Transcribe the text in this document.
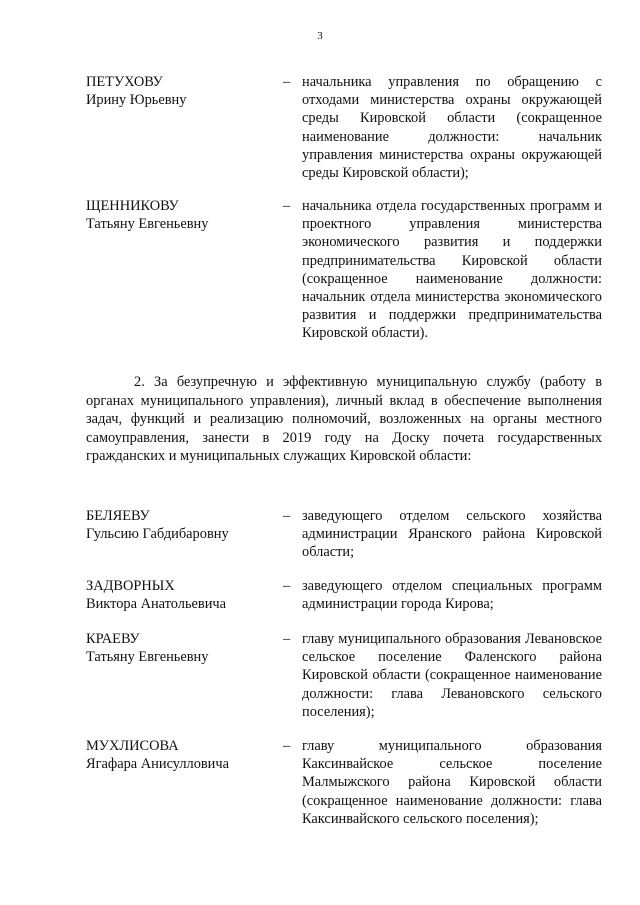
3
ПЕТУХОВУ
Ирину Юрьевну
– начальника управления по обращению с отходами министерства охраны окружающей среды Кировской области (сокращенное наименование должности: начальник управления министерства охраны окружающей среды Кировской области);
ЩЕННИКОВУ
Татьяну Евгеньевну
– начальника отдела государственных программ и проектного управления министерства экономического развития и поддержки предпринимательства Кировской области (сокращенное наименование должности: начальник отдела министерства экономического развития и поддержки предпринимательства Кировской области).
2. За безупречную и эффективную муниципальную службу (работу в органах муниципального управления), личный вклад в обеспечение выполнения задач, функций и реализацию полномочий, возложенных на органы местного самоуправления, занести в 2019 году на Доску почета государственных гражданских и муниципальных служащих Кировской области:
БЕЛЯЕВУ
Гульсию Габдибаровну
– заведующего отделом сельского хозяйства администрации Яранского района Кировской области;
ЗАДВОРНЫХ
Виктора Анатольевича
– заведующего отделом специальных программ администрации города Кирова;
КРАЕВУ
Татьяну Евгеньевну
– главу муниципального образования Левановское сельское поселение Фаленского района Кировской области (сокращенное наименование должности: глава Левановского сельского поселения);
МУХЛИСОВА
Ягафара Анисулловича
– главу муниципального образования Каксинвайское сельское поселение Малмыжского района Кировской области (сокращенное наименование должности: глава Каксинвайского сельского поселения);
